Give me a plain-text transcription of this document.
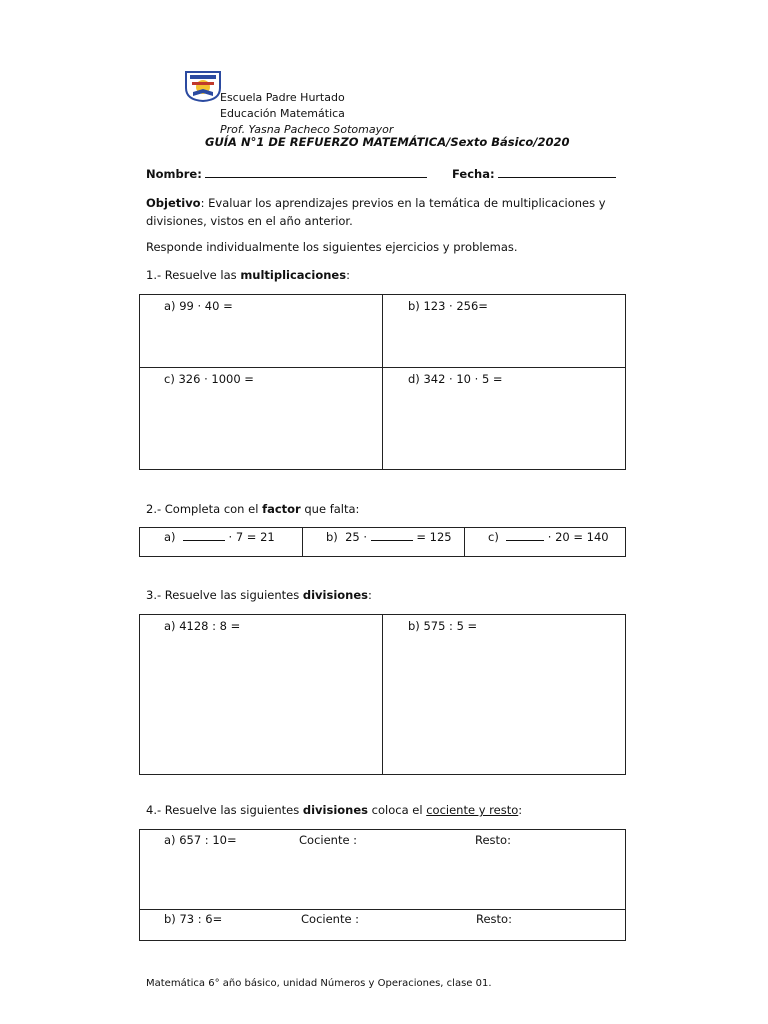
Escuela Padre Hurtado
Educación Matemática
Prof. Yasna Pacheco Sotomayor
GUÍA N°1 DE REFUERZO MATEMÁTICA/Sexto Básico/2020
Nombre:	Fecha:
Objetivo: Evaluar los aprendizajes previos en la temática de multiplicaciones y
divisiones, vistos en el año anterior.
Responde individualmente los siguientes ejercicios y problemas.
1.- Resuelve las multiplicaciones:
a) 99 · 40 =	b) 123 · 256=
c) 326 · 1000 =	d) 342 · 10 · 5 =
2.- Completa con el factor que falta:
a)	· 7 = 21	b) 25 ·	= 125	c)	· 20 = 140
3.- Resuelve las siguientes divisiones:
a) 4128 : 8 =	b) 575 : 5 =
4.- Resuelve las siguientes divisiones coloca el cociente y resto:
a) 657 : 10=	Cociente :	Resto:
b) 73 : 6=	Cociente :	Resto:
Matemática 6° año básico, unidad Números y Operaciones, clase 01.
